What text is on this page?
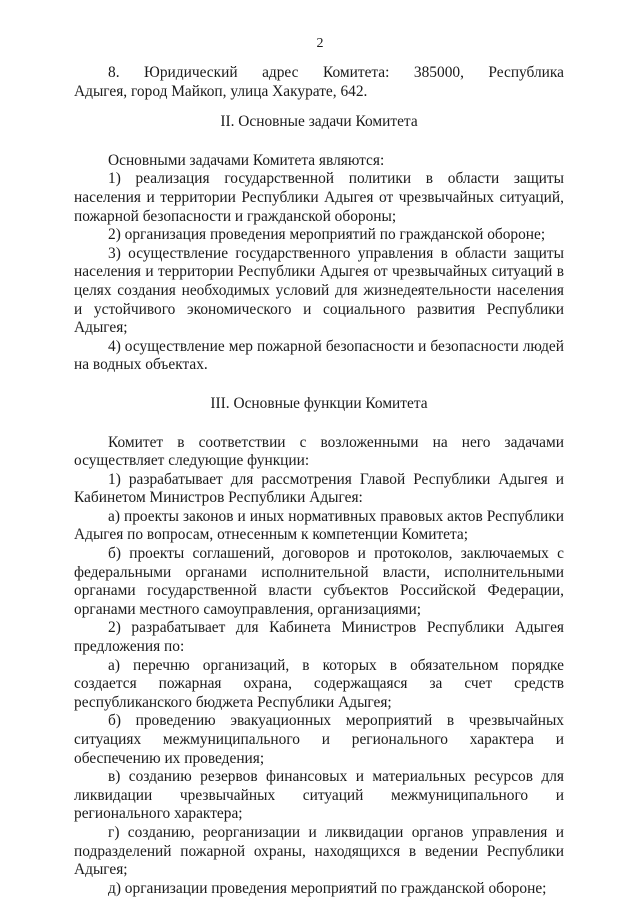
2

8. Юридический адрес Комитета: 385000, Республика

Адыгея, город Майкоп, улица Хакурате, 642.

II. Основные задачи Комитета

Основными задачами Комитета являются:

1) реализация государственной политики в области защиты населения и территории Республики Адыгея от чрезвычайных ситуаций, пожарной безопасности и гражданской обороны;

2) организация проведения мероприятий по гражданской обороне;

3) осуществление государственного управления в области защиты населения и территории Республики Адыгея от чрезвычайных ситуаций в целях создания необходимых условий для жизнедеятельности населения и устойчивого экономического и социального развития Республики Адыгея;

4) осуществление мер пожарной безопасности и безопасности людей на водных объектах.

III. Основные функции Комитета

Комитет в соответствии с возложенными на него задачами осуществляет следующие функции:

1) разрабатывает для рассмотрения Главой Республики Адыгея и Кабинетом Министров Республики Адыгея:

а) проекты законов и иных нормативных правовых актов Республики Адыгея по вопросам, отнесенным к компетенции Комитета;

б) проекты соглашений, договоров и протоколов, заключаемых с федеральными органами исполнительной власти, исполнительными органами государственной власти субъектов Российской Федерации, органами местного самоуправления, организациями;

2) разрабатывает для Кабинета Министров Республики Адыгея предложения по:

а) перечню организаций, в которых в обязательном порядке создается пожарная охрана, содержащаяся за счет средств республиканского бюджета Республики Адыгея;

б) проведению эвакуационных мероприятий в чрезвычайных ситуациях межмуниципального и регионального характера и обеспечению их проведения;

в) созданию резервов финансовых и материальных ресурсов для ликвидации чрезвычайных ситуаций межмуниципального и регионального характера;

г) созданию, реорганизации и ликвидации органов управления и подразделений пожарной охраны, находящихся в ведении Республики Адыгея;

д) организации проведения мероприятий по гражданской обороне;
